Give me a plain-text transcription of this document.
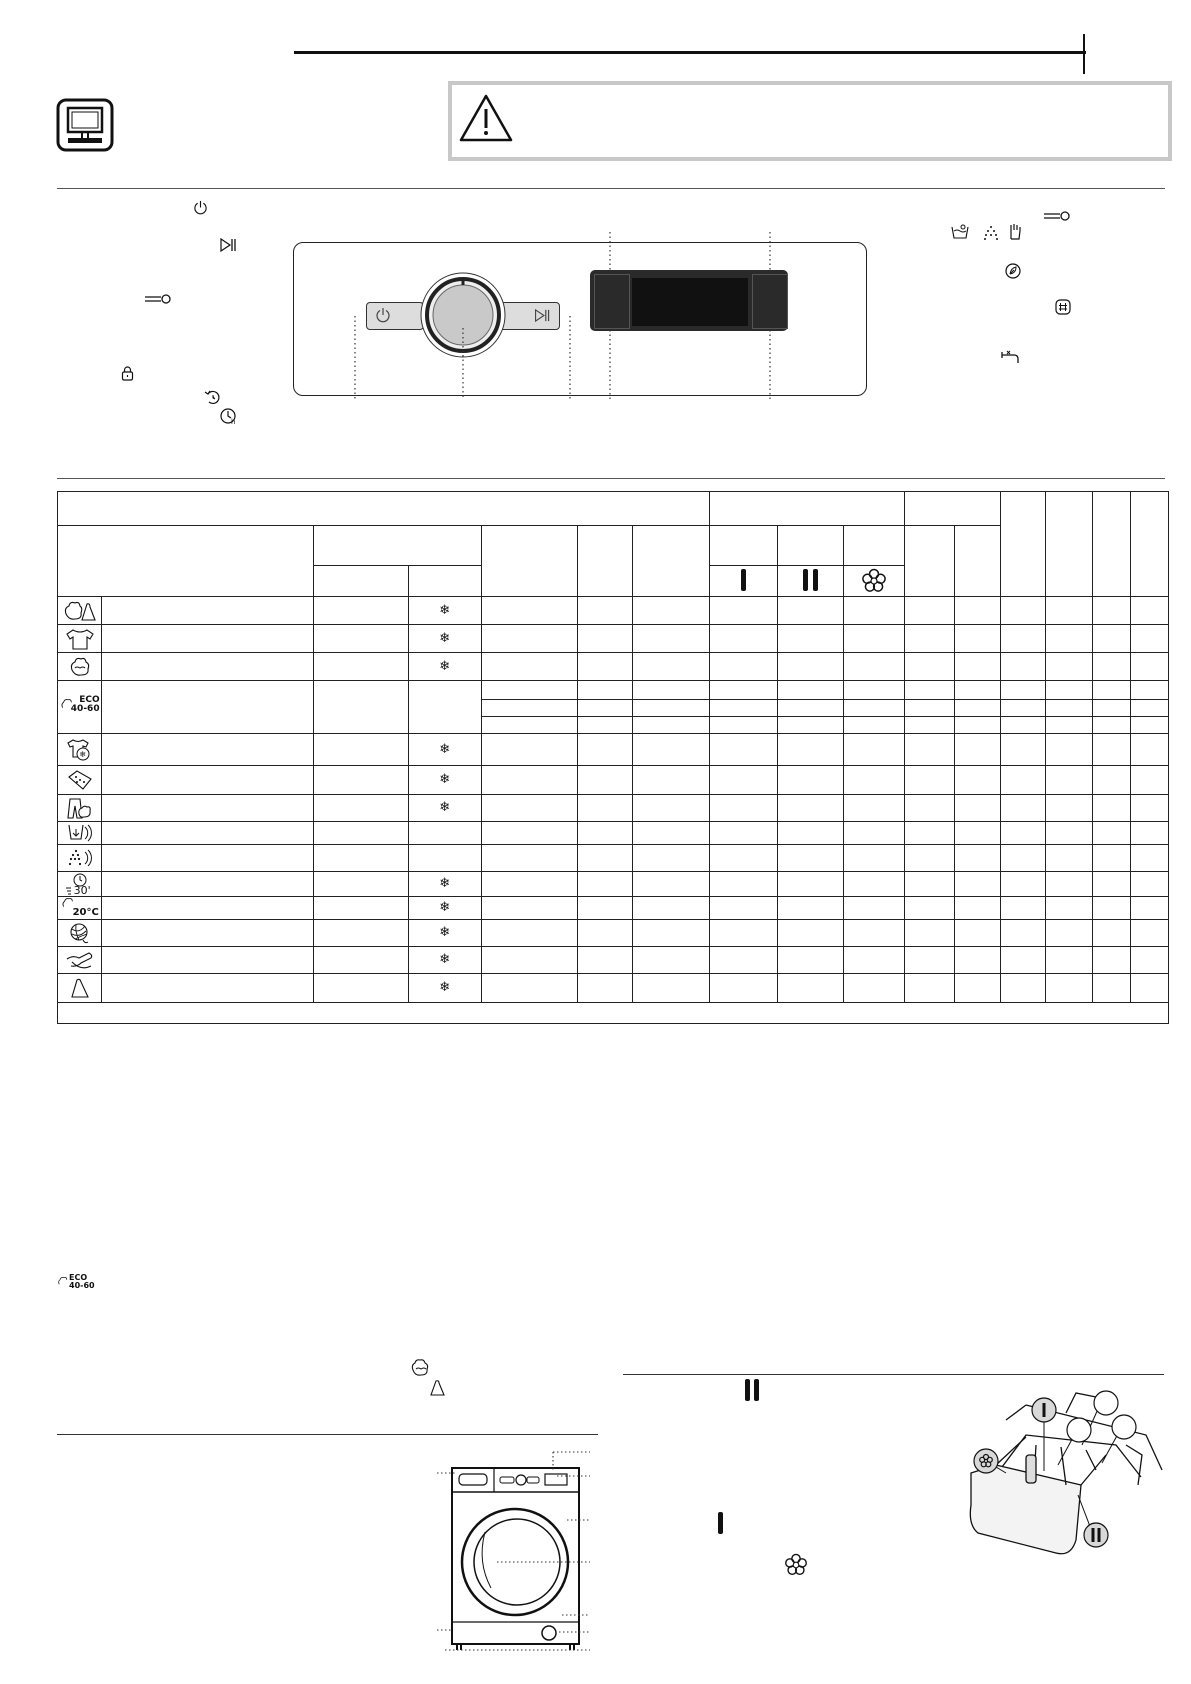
h

			❄												

			❄												

			❄												

ECO
40-60															

❄			❄												

			❄												

			❄												

30'			❄												

20°C			❄												

			❄												

			❄												

			❄												

ECO
40-60
